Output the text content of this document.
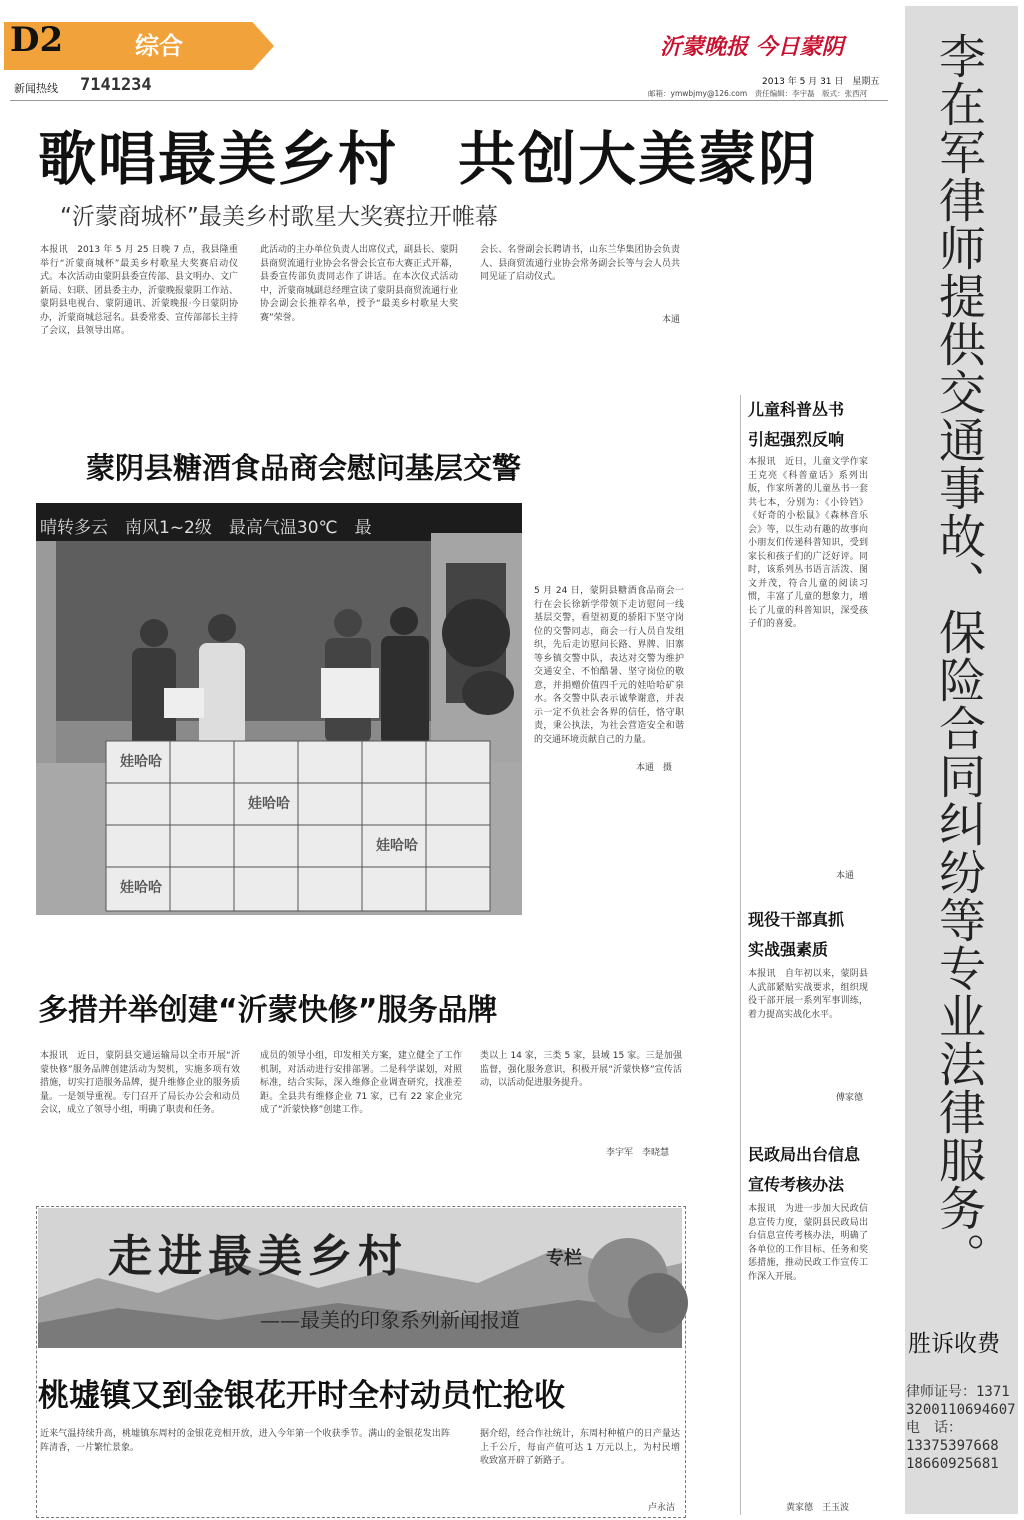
D2	综合
新闻热线 7141234
沂蒙晚报 今日蒙阴
2013 年 5 月 31 日　星期五
邮箱：ymwbjmy@126.com　责任编辑：李宇磊　版式：张西河
歌唱最美乡村　共创大美蒙阴
“沂蒙商城杯”最美乡村歌星大奖赛拉开帷幕
本报讯　2013 年 5 月 25 日晚 7 点，我县隆重举行“沂蒙商城杯”最美乡村歌星大奖赛启动仪式。本次活动由蒙阴县委宣传部、县文明办、文广新局、妇联、团县委主办，沂蒙晚报蒙阴工作站、蒙阴县电视台、蒙阴通讯、沂蒙晚报·今日蒙阴协办，沂蒙商城总冠名。县委常委、宣传部部长主持了会议，县领导出席。
此活动的主办单位负责人出席仪式，副县长、蒙阴县商贸流通行业协会名誉会长宣布大赛正式开幕，县委宣传部负责同志作了讲话。在本次仪式活动中，沂蒙商城副总经理宣读了蒙阴县商贸流通行业协会副会长推荐名单，授予“最美乡村歌星大奖赛”荣誉。
会长、名誉副会长聘请书，山东兰华集团协会负责人、县商贸流通行业协会常务副会长等与会人员共同见证了启动仪式。
本通
蒙阴县糖酒食品商会慰问基层交警
晴转多云　南风1~2级　最高气温30℃　最
娃哈哈
娃哈哈
娃哈哈
娃哈哈
5 月 24 日，蒙阴县糖酒食品商会一行在会长徐新学带领下走访慰问一线基层交警，看望初夏的骄阳下坚守岗位的交警同志，商会一行人员自发组织，先后走访慰问长路、界牌、旧寨等乡镇交警中队，表达对交警为维护交通安全、不怕酷暑、坚守岗位的敬意，并捐赠价值四千元的娃哈哈矿泉水。各交警中队表示诚挚谢意，并表示一定不负社会各界的信任，恪守职责，秉公执法，为社会营造安全和谐的交通环境贡献自己的力量。
本通　摄
多措并举创建“沂蒙快修”服务品牌
本报讯　近日，蒙阴县交通运输局以全市开展“沂蒙快修”服务品牌创建活动为契机，实施多项有效措施，切实打造服务品牌，提升维修企业的服务质量。一是领导重视。专门召开了局长办公会和动员会议，成立了领导小组，明确了职责和任务。
成员的领导小组，印发相关方案，建立健全了工作机制，对活动进行安排部署。二是科学谋划，对照标准，结合实际，深入维修企业调查研究，找准差距。全县共有维修企业 71 家，已有 22 家企业完成了“沂蒙快修”创建工作。
类以上 14 家，三类 5 家，县域 15 家。三是加强监督，强化服务意识，积极开展“沂蒙快修”宣传活动，以活动促进服务提升。
李宇军　李晓慧
走进最美乡村	专栏
——最美的印象系列新闻报道
桃墟镇又到金银花开时全村动员忙抢收
近来气温持续升高，桃墟镇东周村的金银花竞相开放，进入今年第一个收获季节。满山的金银花发出阵阵清香，一片繁忙景象。
据介绍，经合作社统计，东周村种植户的日产量达上千公斤，每亩产值可达 1 万元以上，为村民增收致富开辟了新路子。
卢永洁
儿童科普丛书
引起强烈反响
本报讯　近日，儿童文学作家王克亮《科普童话》系列出版，作家所著的儿童丛书一套共七本，分别为：《小铃铛》《好奇的小松鼠》《森林音乐会》等，以生动有趣的故事向小朋友们传递科普知识，受到家长和孩子们的广泛好评。同时，该系列丛书语言活泼、图文并茂，符合儿童的阅读习惯，丰富了儿童的想象力，增长了儿童的科普知识，深受孩子们的喜爱。
本通
现役干部真抓
实战强素质
本报讯　自年初以来，蒙阴县人武部紧贴实战要求，组织现役干部开展一系列军事训练，着力提高实战化水平。
傅家德
民政局出台信息
宣传考核办法
本报讯　为进一步加大民政信息宣传力度，蒙阴县民政局出台信息宣传考核办法，明确了各单位的工作目标、任务和奖惩措施，推动民政工作宣传工作深入开展。
黄家德　王玉波
李在军律师提供交通事故、保险合同纠纷等专业法律服务。
胜诉收费
律师证号：13713200110694607
电　话：
13375397668
18660925681
